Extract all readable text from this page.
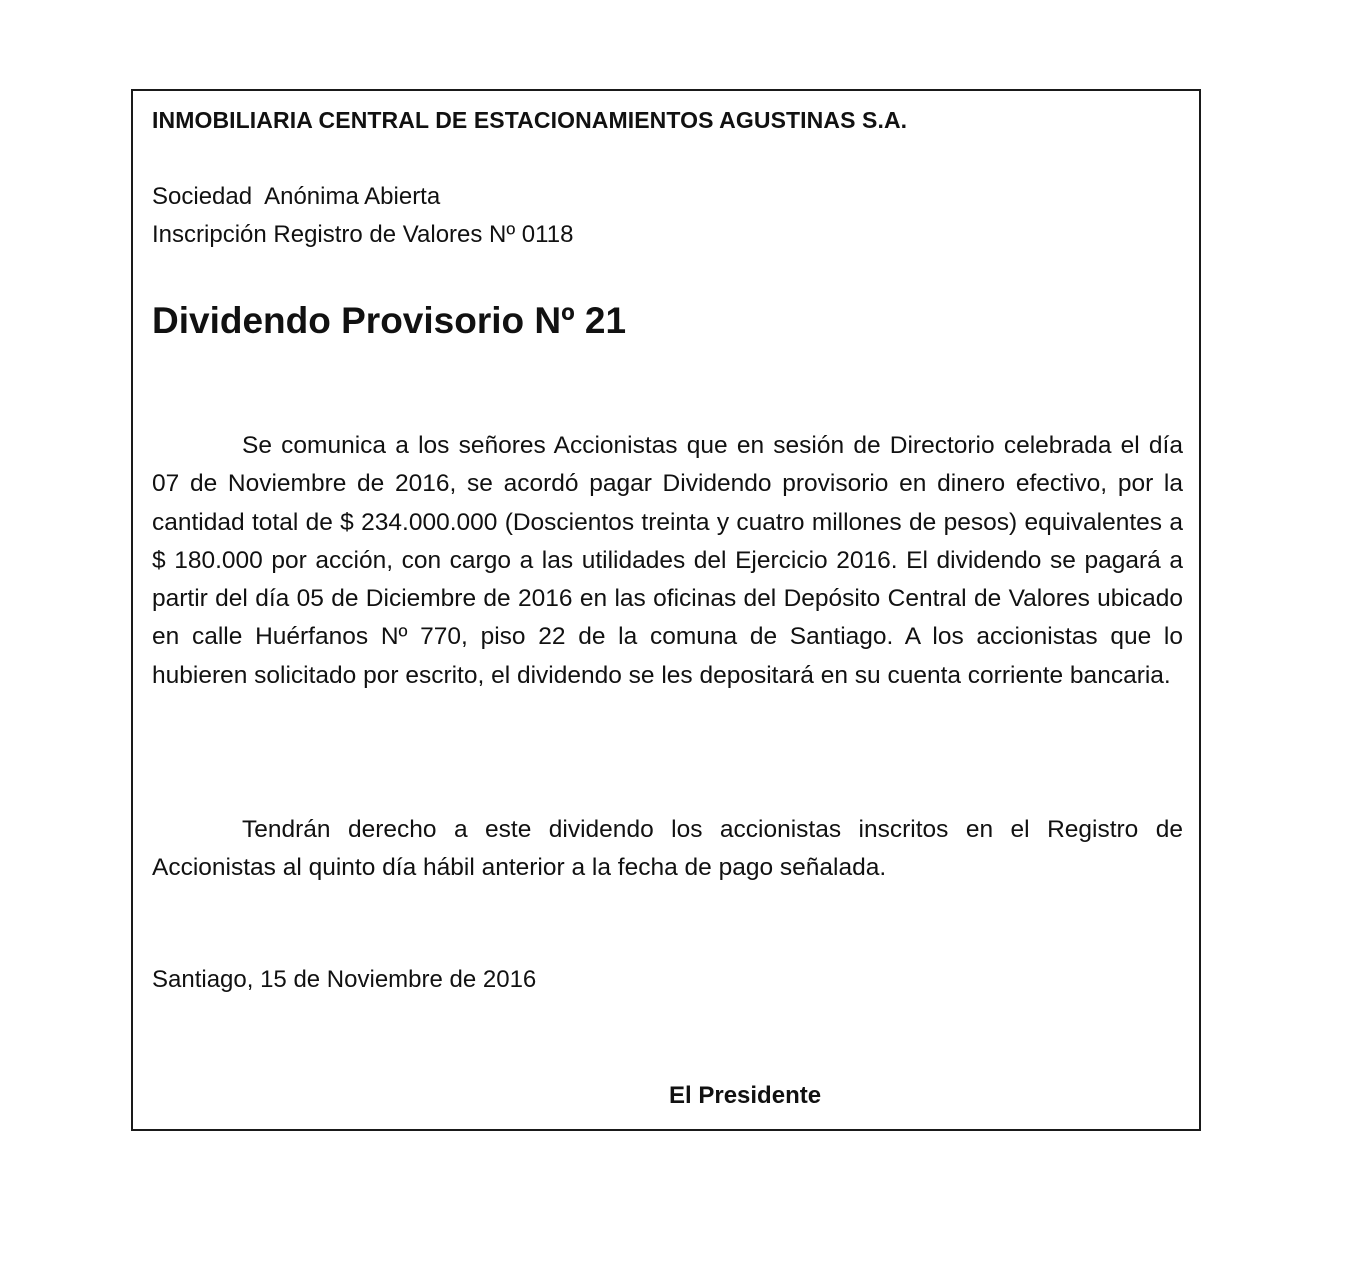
INMOBILIARIA CENTRAL DE ESTACIONAMIENTOS AGUSTINAS S.A.
Sociedad  Anónima Abierta
Inscripción Registro de Valores Nº 0118
Dividendo Provisorio Nº 21

Se comunica a los señores Accionistas que en sesión de Directorio celebrada el día 07 de Noviembre de 2016, se acordó pagar Dividendo provisorio en dinero efectivo, por la cantidad total de $ 234.000.000 (Doscientos treinta y cuatro millones de pesos) equivalentes a $ 180.000 por acción, con cargo a las utilidades del Ejercicio 2016. El dividendo se pagará a partir del día 05 de Diciembre de 2016 en las oficinas del Depósito Central de Valores ubicado en calle Huérfanos Nº 770, piso 22 de la comuna de Santiago. A los accionistas que lo hubieren solicitado por escrito, el dividendo se les depositará en su cuenta corriente bancaria.

Tendrán derecho a este dividendo los accionistas inscritos en el Registro de Accionistas al quinto día hábil anterior a la fecha de pago señalada.

Santiago, 15 de Noviembre de 2016
El Presidente
